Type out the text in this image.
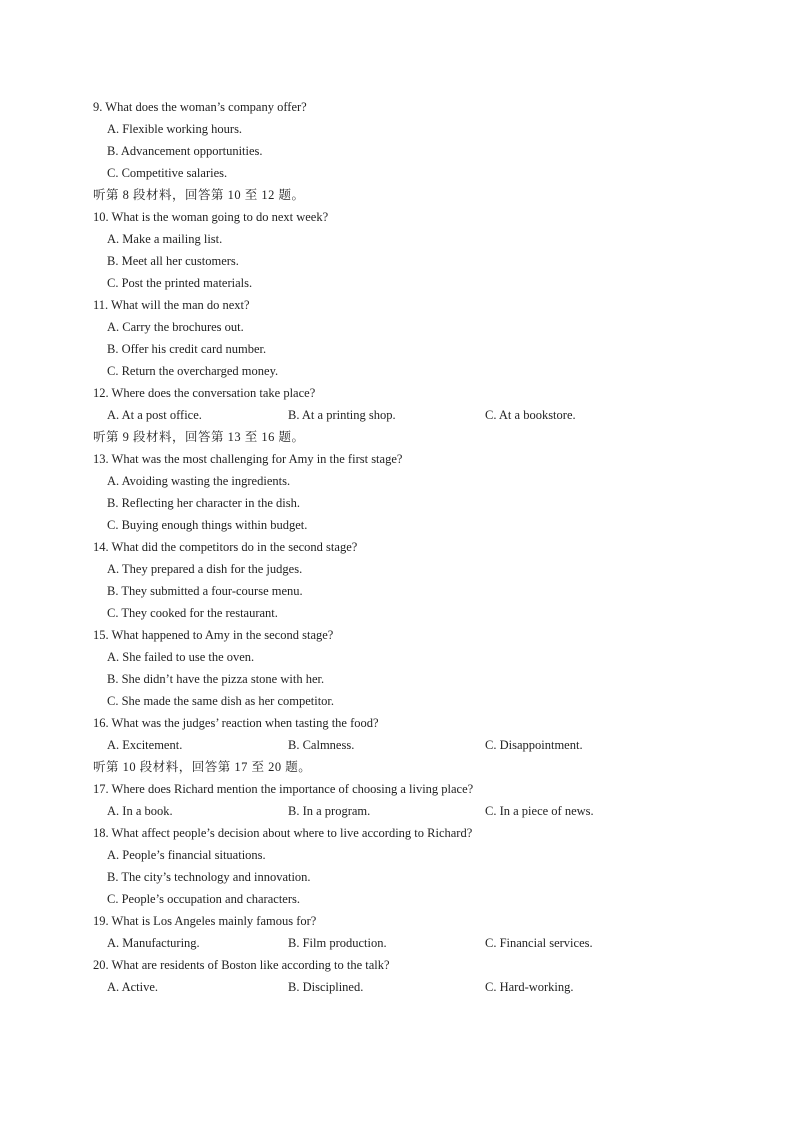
9. What does the woman’s company offer?
A. Flexible working hours.
B. Advancement opportunities.
C. Competitive salaries.
听第 8 段材料，回答第 10 至 12 题。
10. What is the woman going to do next week?
A. Make a mailing list.
B. Meet all her customers.
C. Post the printed materials.
11. What will the man do next?
A. Carry the brochures out.
B. Offer his credit card number.
C. Return the overcharged money.
12. Where does the conversation take place?
A. At a post office.	B. At a printing shop.	C. At a bookstore.
听第 9 段材料，回答第 13 至 16 题。
13. What was the most challenging for Amy in the first stage?
A. Avoiding wasting the ingredients.
B. Reflecting her character in the dish.
C. Buying enough things within budget.
14. What did the competitors do in the second stage?
A. They prepared a dish for the judges.
B. They submitted a four-course menu.
C. They cooked for the restaurant.
15. What happened to Amy in the second stage?
A. She failed to use the oven.
B. She didn’t have the pizza stone with her.
C. She made the same dish as her competitor.
16. What was the judges’ reaction when tasting the food?
A. Excitement.	B. Calmness.	C. Disappointment.
听第 10 段材料，回答第 17 至 20 题。
17. Where does Richard mention the importance of choosing a living place?
A. In a book.	B. In a program.	C. In a piece of news.
18. What affect people’s decision about where to live according to Richard?
A. People’s financial situations.
B. The city’s technology and innovation.
C. People’s occupation and characters.
19. What is Los Angeles mainly famous for?
A. Manufacturing.	B. Film production.	C. Financial services.
20. What are residents of Boston like according to the talk?
A. Active.	B. Disciplined.	C. Hard-working.
